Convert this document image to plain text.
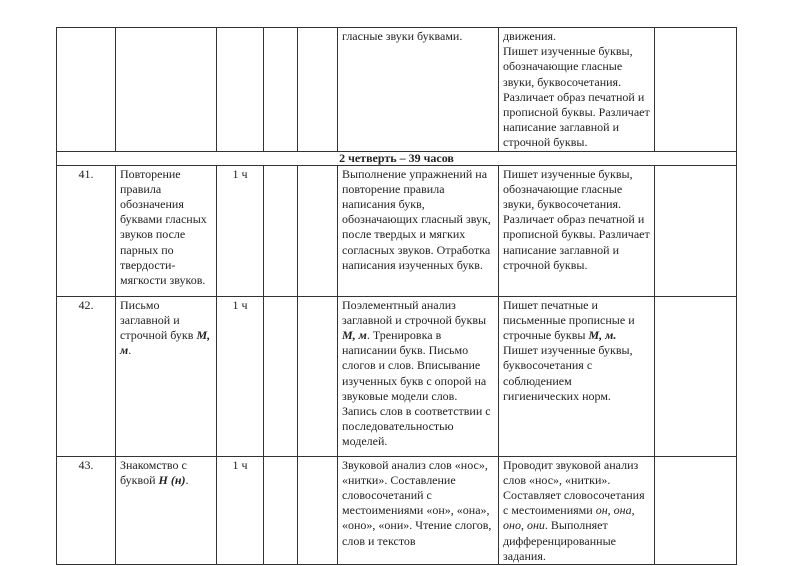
					гласные звуки буквами.	движения.
Пишет изученные буквы, обозначающие гласные звуки, буквосочетания. Различает образ печатной и прописной буквы. Различает написание заглавной и строчной буквы.	

2 четверть – 39 часов							
41.	Повторение правила обозначения буквами гласных звуков после парных по твердости-мягкости звуков.	1 ч			Выполнение упражнений на повторение правила написания букв, обозначающих гласный звук, после твердых и мягких согласных звуков. Отработка написания изученных букв.	Пишет изученные буквы, обозначающие гласные звуки, буквосочетания. Различает образ печатной и прописной буквы. Различает написание заглавной и строчной буквы.	
42.	Письмо заглавной и строчной букв М, м.	1 ч			Поэлементный анализ заглавной и строчной буквы М, м. Тренировка в написании букв. Письмо слогов и слов. Вписывание изученных букв с опорой на звуковые модели слов. Запись слов в соответствии с последовательностью моделей.	Пишет печатные и письменные прописные и строчные буквы М, м. Пишет изученные буквы, буквосочетания с соблюдением гигиенических норм.	
43.	Знакомство с буквой Н (н).	1 ч			Звуковой анализ слов «нос», «нитки». Составление словосочетаний с местоимениями «он», «она», «оно», «они». Чтение слогов, слов и текстов	Проводит звуковой анализ слов «нос», «нитки». Составляет словосочетания с местоимениями он, она, оно, они. Выполняет дифференцированные задания.	
